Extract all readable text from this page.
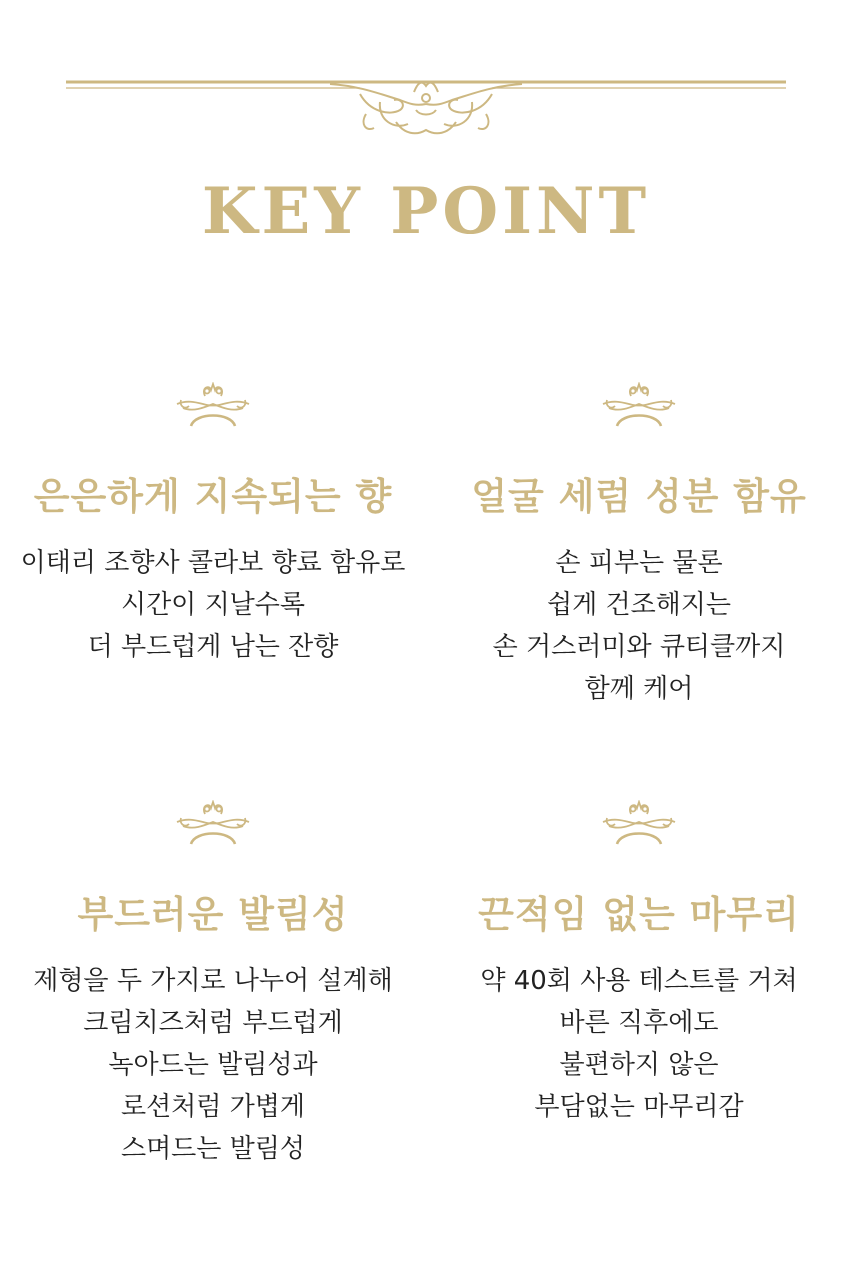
KEY POINT
은은하게 지속되는 향
이태리 조향사 콜라보 향료 함유로
시간이 지날수록
더 부드럽게 남는 잔향
얼굴 세럼 성분 함유
손 피부는 물론
쉽게 건조해지는
손 거스러미와 큐티클까지
함께 케어
부드러운 발림성
제형을 두 가지로 나누어 설계해
크림치즈처럼 부드럽게
녹아드는 발림성과
로션처럼 가볍게
스며드는 발림성
끈적임 없는 마무리
약 40회 사용 테스트를 거쳐
바른 직후에도
불편하지 않은
부담없는 마무리감
